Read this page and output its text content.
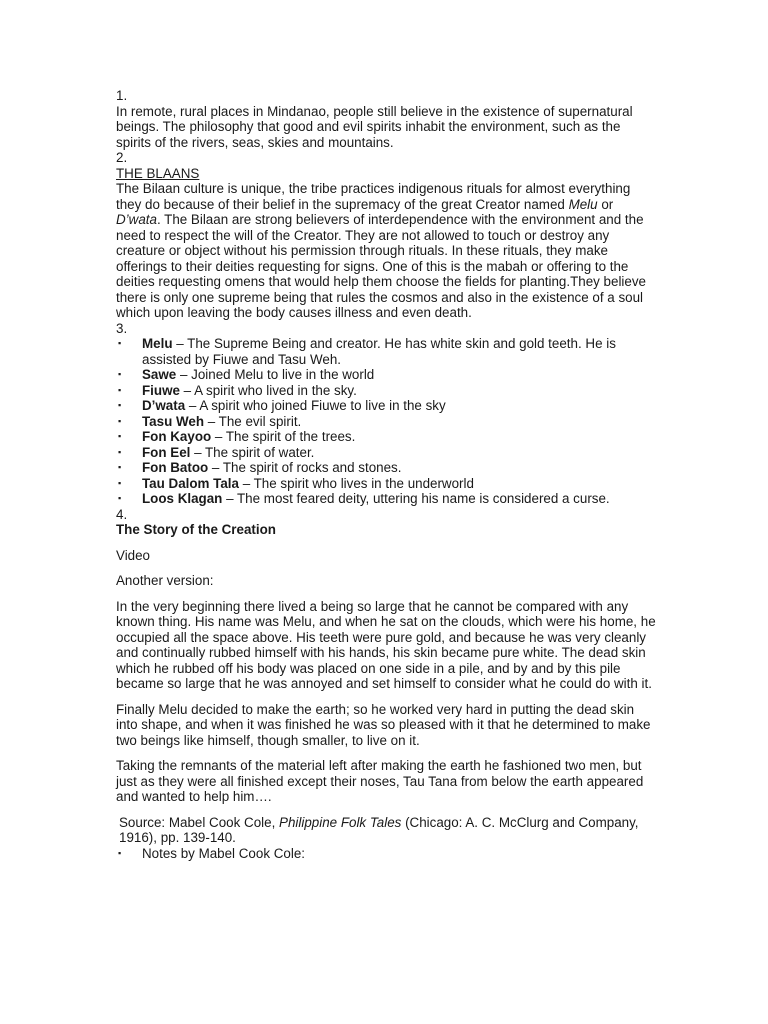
1.

In remote, rural places in Mindanao, people still believe in the existence of supernatural beings. The philosophy that good and evil spirits inhabit the environment, such as the spirits of the rivers, seas, skies and mountains.

2.

THE BLAANS

The Bilaan culture is unique, the tribe practices indigenous rituals for almost everything they do because of their belief in the supremacy of the great Creator named Melu or D’wata. The Bilaan are strong believers of interdependence with the environment and the need to respect the will of the Creator. They are not allowed to touch or destroy any creature or object without his permission through rituals. In these rituals, they make offerings to their deities requesting for signs. One of this is the mabah or offering to the deities requesting omens that would help them choose the fields for planting.They believe there is only one supreme being that rules the cosmos and also in the existence of a soul which upon leaving the body causes illness and even death.

3.

▪ Melu – The Supreme Being and creator. He has white skin and gold teeth. He is assisted by Fiuwe and Tasu Weh.
▪ Sawe – Joined Melu to live in the world
▪ Fiuwe – A spirit who lived in the sky.
▪ D’wata – A spirit who joined Fiuwe to live in the sky
▪ Tasu Weh – The evil spirit.
▪ Fon Kayoo – The spirit of the trees.
▪ Fon Eel – The spirit of water.
▪ Fon Batoo – The spirit of rocks and stones.
▪ Tau Dalom Tala – The spirit who lives in the underworld
▪ Loos Klagan – The most feared deity, uttering his name is considered a curse.

4.

The Story of the Creation

Video

Another version:

In the very beginning there lived a being so large that he cannot be compared with any known thing. His name was Melu, and when he sat on the clouds, which were his home, he occupied all the space above. His teeth were pure gold, and because he was very cleanly and continually rubbed himself with his hands, his skin became pure white. The dead skin which he rubbed off his body was placed on one side in a pile, and by and by this pile became so large that he was annoyed and set himself to consider what he could do with it.

Finally Melu decided to make the earth; so he worked very hard in putting the dead skin into shape, and when it was finished he was so pleased with it that he determined to make two beings like himself, though smaller, to live on it.

Taking the remnants of the material left after making the earth he fashioned two men, but just as they were all finished except their noses, Tau Tana from below the earth appeared and wanted to help him….

Source: Mabel Cook Cole, Philippine Folk Tales (Chicago: A. C. McClurg and Company, 1916), pp. 139-140.

▪ Notes by Mabel Cook Cole:
